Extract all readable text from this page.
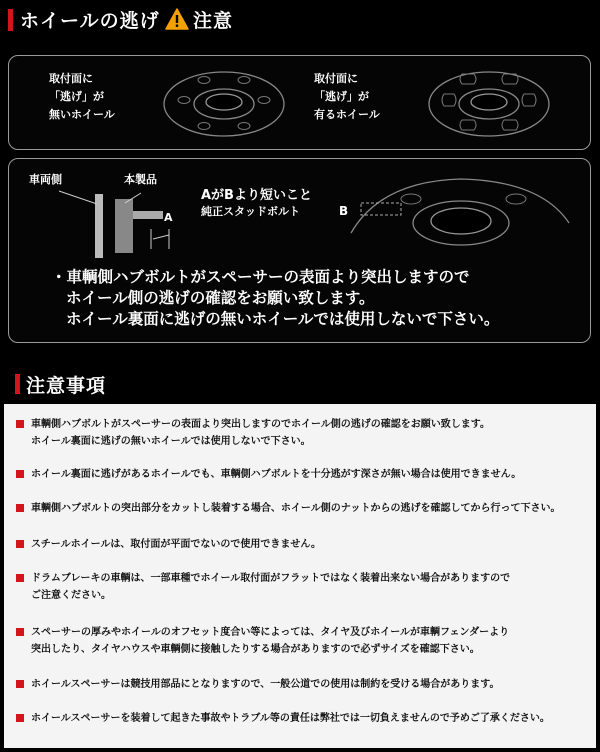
ホイールの逃げ 注意
取付面に
「逃げ」が
無いホイール
取付面に
「逃げ」が
有るホイール
車両側	本製品
A
AがBより短いこと
純正スタッドボルト	B
・車輌側ハブボルトがスペーサーの表面より突出しますので
ホイール側の逃げの確認をお願い致します。
ホイール裏面に逃げの無いホイールでは使用しないで下さい。
注意事項
車輌側ハブボルトがスペーサーの表面より突出しますのでホイール側の逃げの確認をお願い致します。
ホイール裏面に逃げの無いホイールでは使用しないで下さい。
ホイール裏面に逃げがあるホイールでも、車輌側ハブボルトを十分逃がす深さが無い場合は使用できません。
車輌側ハブボルトの突出部分をカットし装着する場合、ホイール側のナットからの逃げを確認してから行って下さい。
スチールホイールは、取付面が平面でないので使用できません。
ドラムブレーキの車輌は、一部車種でホイール取付面がフラットではなく装着出来ない場合がありますので
ご注意ください。
スペーサーの厚みやホイールのオフセット度合い等によっては、タイヤ及びホイールが車輌フェンダーより
突出したり、タイヤハウスや車輌側に接触したりする場合がありますので必ずサイズを確認下さい。
ホイールスペーサーは競技用部品にとなりますので、一般公道での使用は制約を受ける場合があります。
ホイールスペーサーを装着して起きた事故やトラブル等の責任は弊社では一切負えませんので予めご了承ください。
